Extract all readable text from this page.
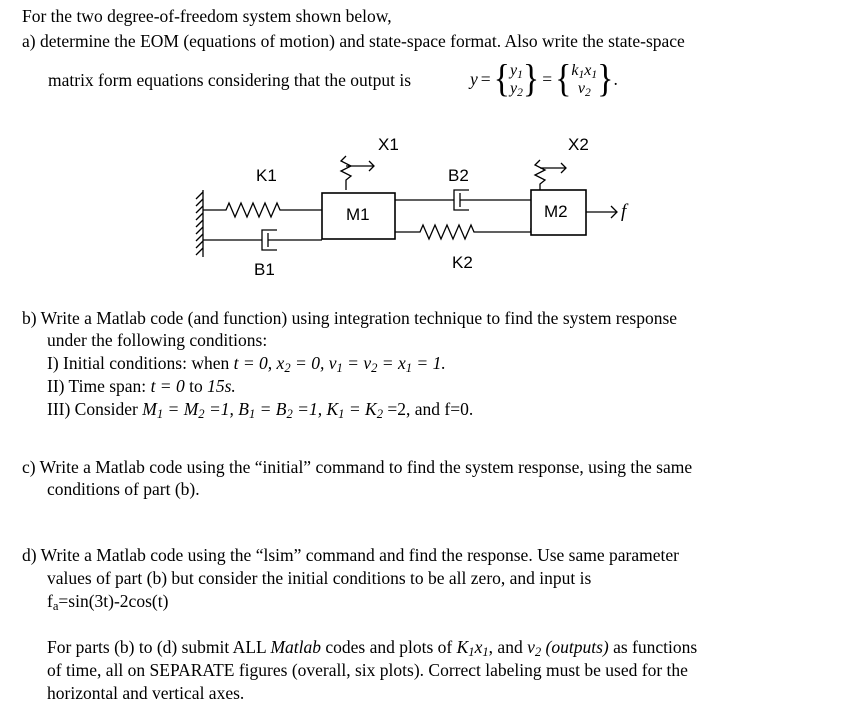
For the two degree-of-freedom system shown below,
a) determine the EOM (equations of motion) and state-space format. Also write the state-space
matrix form equations considering that the output is	y = { $y_1$
$y_2$ } = { $k_1x_1$
$v_2$ } .
X1	X2
K1
B1
B2
K2
M1	M2	f
b) Write a Matlab code (and function) using integration technique to find the system response
under the following conditions:
I) Initial conditions: when t = 0, $x_2 = 0$, $v_1 = v_2 = x_1 = 1$.
II) Time span: t = 0 to 15s.
III) Consider $M_1 = M_2 =1$, $B_1 = B_2 =1$, $K_1 = K_2 =2$, and f=0.
c) Write a Matlab code using the “initial” command to find the system response, using the same
conditions of part (b).
d) Write a Matlab code using the “lsim” command and find the response. Use same parameter
values of part (b) but consider the initial conditions to be all zero, and input is
$f_a=\sin(3t)-2\cos(t)$
For parts (b) to (d) submit ALL Matlab codes and plots of $K_1x_1$, and $v_2$ (outputs) as functions
of time, all on SEPARATE figures (overall, six plots). Correct labeling must be used for the
horizontal and vertical axes.
